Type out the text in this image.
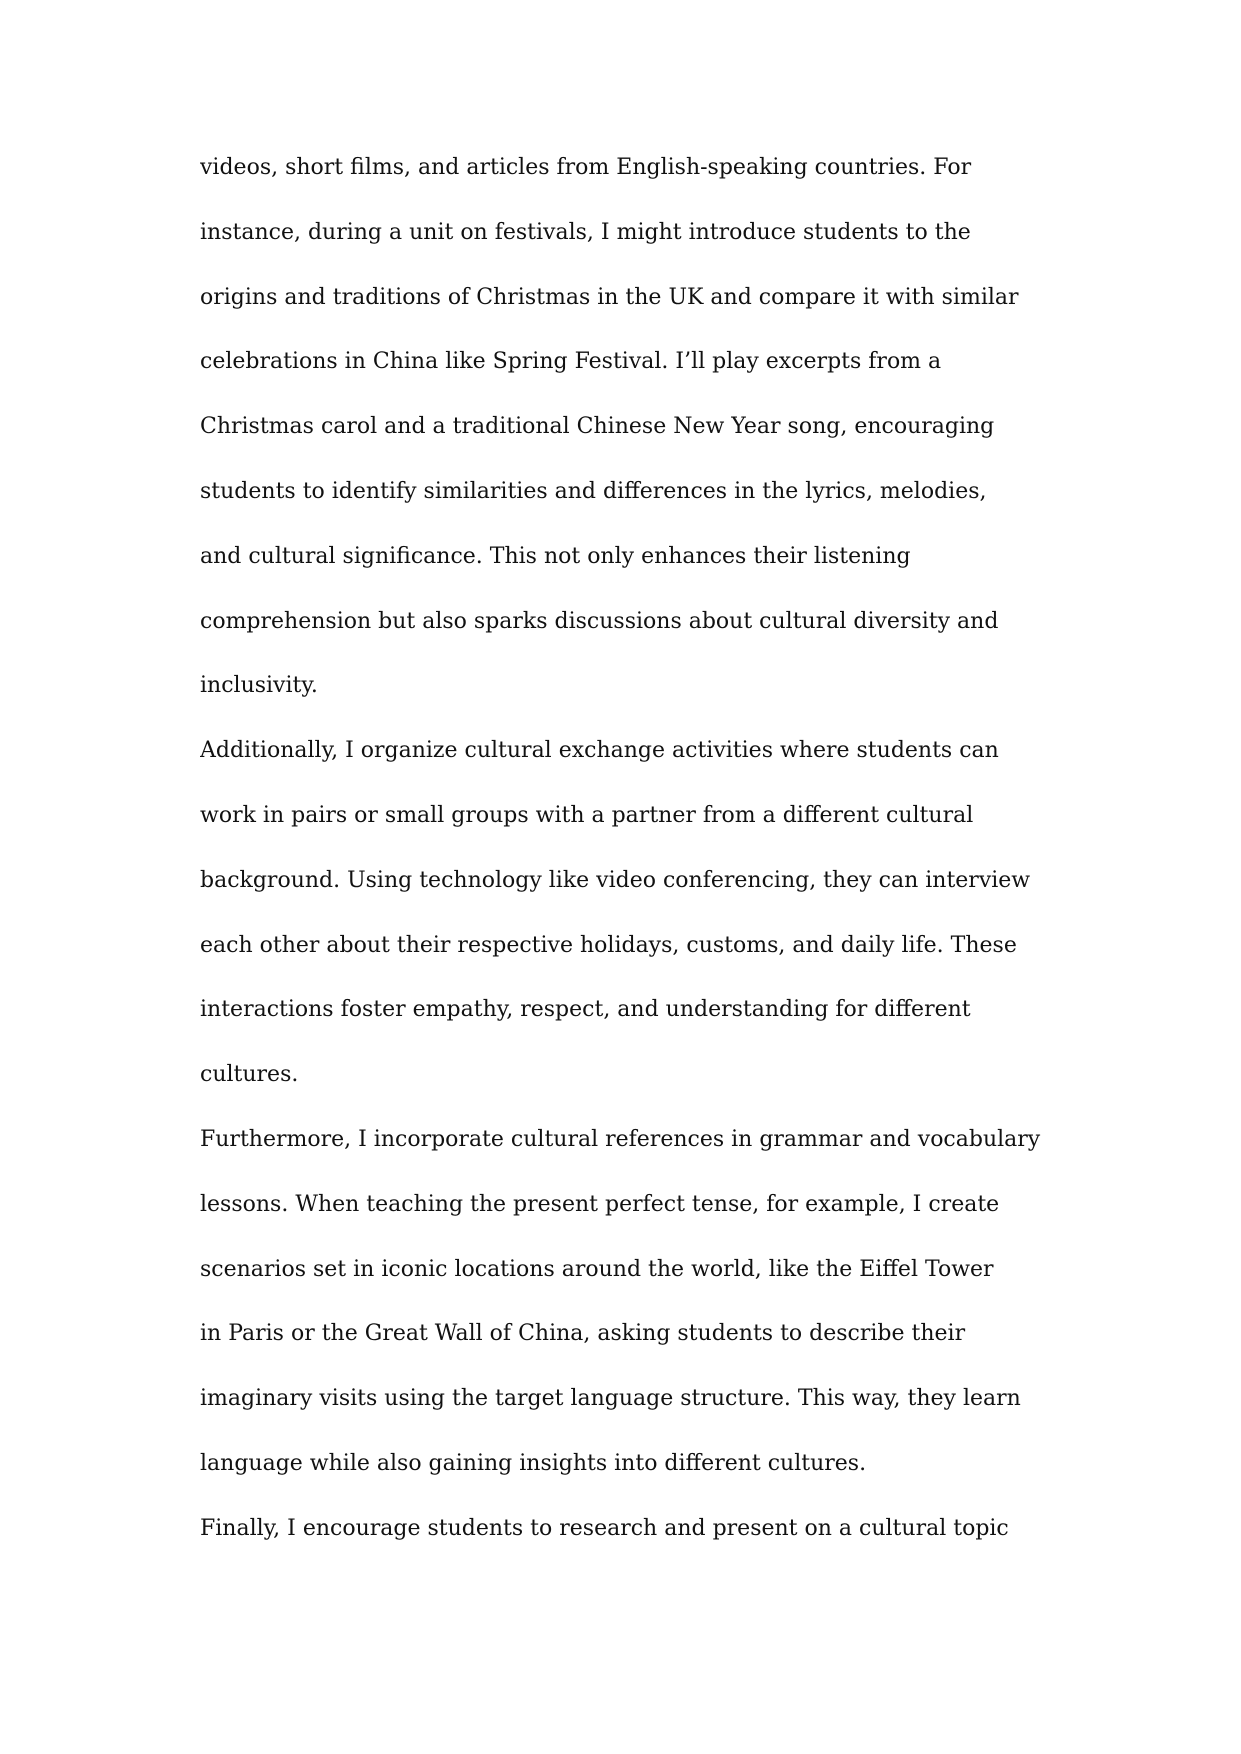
videos, short films, and articles from English-speaking countries. For
instance, during a unit on festivals, I might introduce students to the
origins and traditions of Christmas in the UK and compare it with similar
celebrations in China like Spring Festival. I’ll play excerpts from a
Christmas carol and a traditional Chinese New Year song, encouraging
students to identify similarities and differences in the lyrics, melodies,
and cultural significance. This not only enhances their listening
comprehension but also sparks discussions about cultural diversity and
inclusivity.
Additionally, I organize cultural exchange activities where students can
work in pairs or small groups with a partner from a different cultural
background. Using technology like video conferencing, they can interview
each other about their respective holidays, customs, and daily life. These
interactions foster empathy, respect, and understanding for different
cultures.
Furthermore, I incorporate cultural references in grammar and vocabulary
lessons. When teaching the present perfect tense, for example, I create
scenarios set in iconic locations around the world, like the Eiffel Tower
in Paris or the Great Wall of China, asking students to describe their
imaginary visits using the target language structure. This way, they learn
language while also gaining insights into different cultures.
Finally, I encourage students to research and present on a cultural topic
